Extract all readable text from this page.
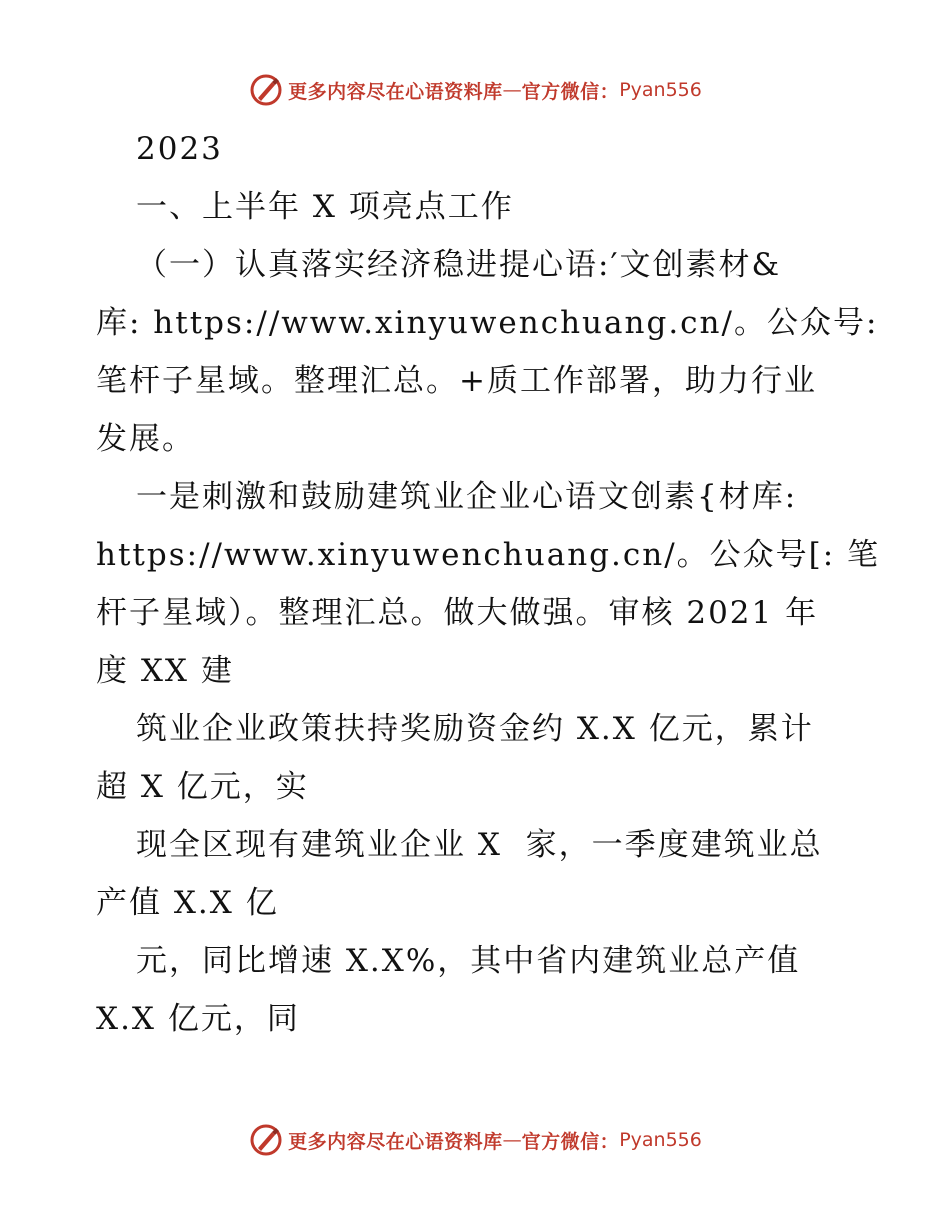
更多内容尽在心语资料库 — 官方微信： Pyan556
2023
一、上半年 X 项亮点工作
（一）认真落实经济稳进提心语:′文创素材&
库: https://www.xinyuwenchuang.cn/。公众号:
笔杆子星域。整理汇总。+质工作部署，助力行业
发展。
一是刺激和鼓励建筑业企业心语文创素{材库:
https://www.xinyuwenchuang.cn/。公众号[: 笔
杆子星域）。整理汇总。做大做强。审核 2021 年
度 XX 建
筑业企业政策扶持奖励资金约 X.X 亿元，累计
超 X 亿元，实
现全区现有建筑业企业 X  家，一季度建筑业总
产值 X.X 亿
元，同比增速 X.X%，其中省内建筑业总产值
X.X 亿元，同
更多内容尽在心语资料库 — 官方微信： Pyan556
